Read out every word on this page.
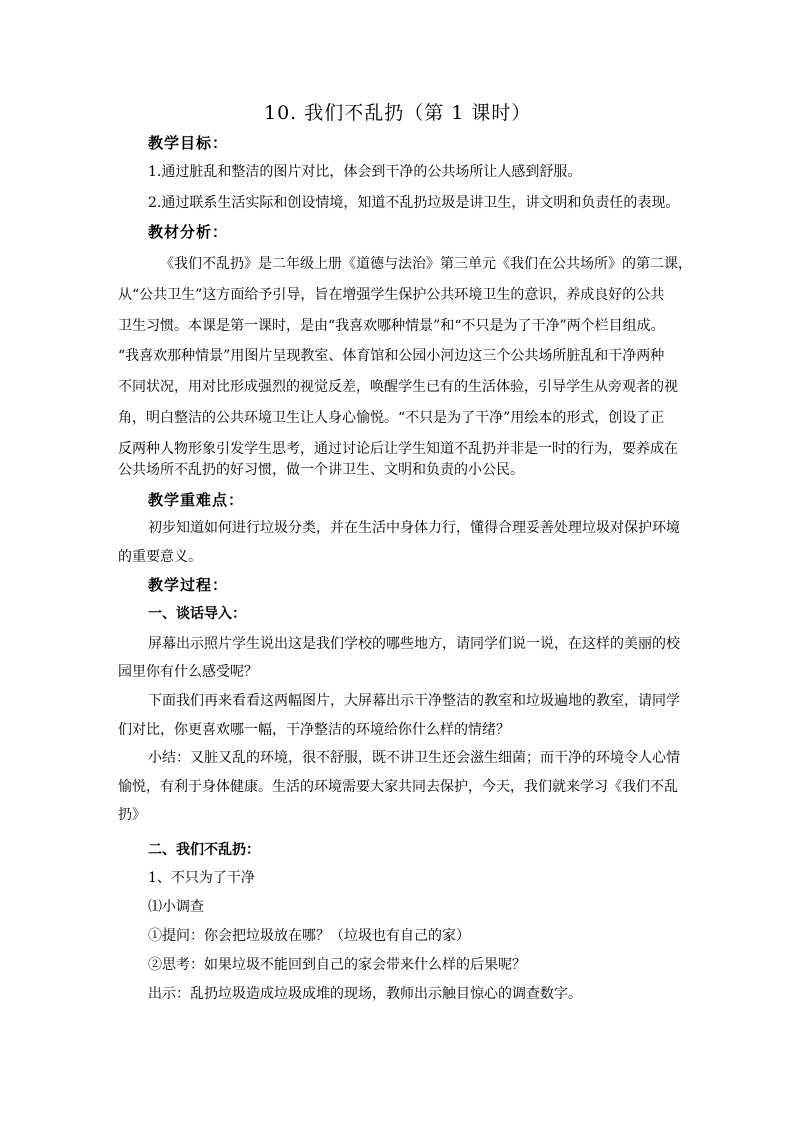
10. 我们不乱扔（第 1 课时）
教学目标：
1.通过脏乱和整洁的图片对比，体会到干净的公共场所让人感到舒服。
2.通过联系生活实际和创设情境，知道不乱扔垃圾是讲卫生，讲文明和负责任的表现。
教材分析：
《我们不乱扔》是二年级上册《道德与法治》第三单元《我们在公共场所》的第二课，
从“公共卫生”这方面给予引导，旨在增强学生保护公共环境卫生的意识，养成良好的公共
卫生习惯。本课是第一课时，是由“我喜欢哪种情景”和“不只是为了干净”两个栏目组成。
“我喜欢那种情景”用图片呈现教室、体育馆和公园小河边这三个公共场所脏乱和干净两种
不同状况，用对比形成强烈的视觉反差，唤醒学生已有的生活体验，引导学生从旁观者的视
角，明白整洁的公共环境卫生让人身心愉悦。“不只是为了干净”用绘本的形式，创设了正
反两种人物形象引发学生思考，通过讨论后让学生知道不乱扔并非是一时的行为，要养成在
公共场所不乱扔的好习惯，做一个讲卫生、文明和负责的小公民。
教学重难点：
初步知道如何进行垃圾分类，并在生活中身体力行，懂得合理妥善处理垃圾对保护环境
的重要意义。
教学过程：
一、谈话导入：
屏幕出示照片学生说出这是我们学校的哪些地方，请同学们说一说，在这样的美丽的校
园里你有什么感受呢？
下面我们再来看看这两幅图片，大屏幕出示干净整洁的教室和垃圾遍地的教室，请同学
们对比，你更喜欢哪一幅，干净整洁的环境给你什么样的情绪？
小结：又脏又乱的环境，很不舒服，既不讲卫生还会滋生细菌；而干净的环境令人心情
愉悦，有利于身体健康。生活的环境需要大家共同去保护，今天，我们就来学习《我们不乱
扔》
二、我们不乱扔：
1、不只为了干净
⑴小调查
①提问：你会把垃圾放在哪？（垃圾也有自己的家）
②思考：如果垃圾不能回到自己的家会带来什么样的后果呢？
出示：乱扔垃圾造成垃圾成堆的现场，教师出示触目惊心的调查数字。
